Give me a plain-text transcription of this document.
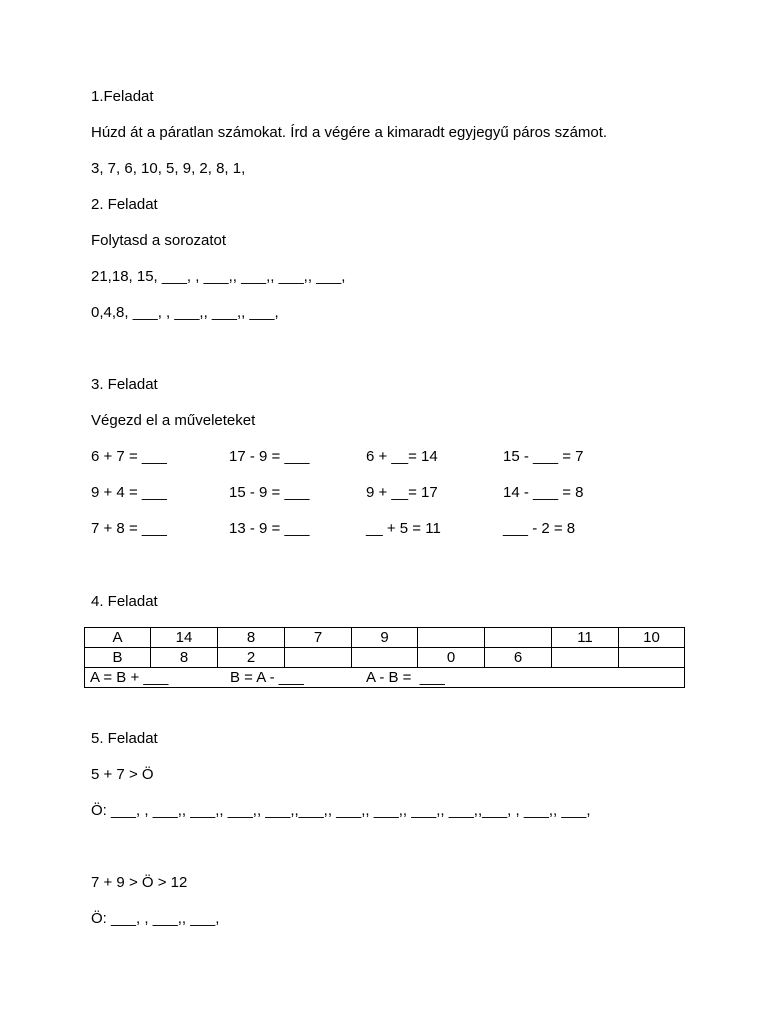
1.Feladat
Húzd át a páratlan számokat. Írd a végére a kimaradt egyjegyű páros számot.
3, 7, 6, 10, 5, 9, 2, 8, 1,
2. Feladat
Folytasd a sorozatot
21,18, 15, ___, , ___,, ___,, ___,, ___,
0,4,8, ___, , ___,, ___,, ___,
3. Feladat
Végezd el a műveleteket
6 + 7 = ___	17 - 9 = ___	6 + __= 14	15 - ___ = 7
9 + 4 = ___	15 - 9 = ___	9 + __= 17	14 - ___ = 8
7 + 8 = ___	13 - 9 = ___	__ + 5 = 11	___ - 2 = 8
4. Feladat
A	14	8	7	9			11	10
B	8	2			0	6		
A = B + ___ B = A - ___ A - B =  ___								
5. Feladat
5 + 7 > Ö
Ö: ___, , ___,, ___,, ___,, ___,,___,, ___,, ___,, ___,, ___,,___, , ___,, ___,
7 + 9 > Ö > 12
Ö: ___, , ___,, ___,
